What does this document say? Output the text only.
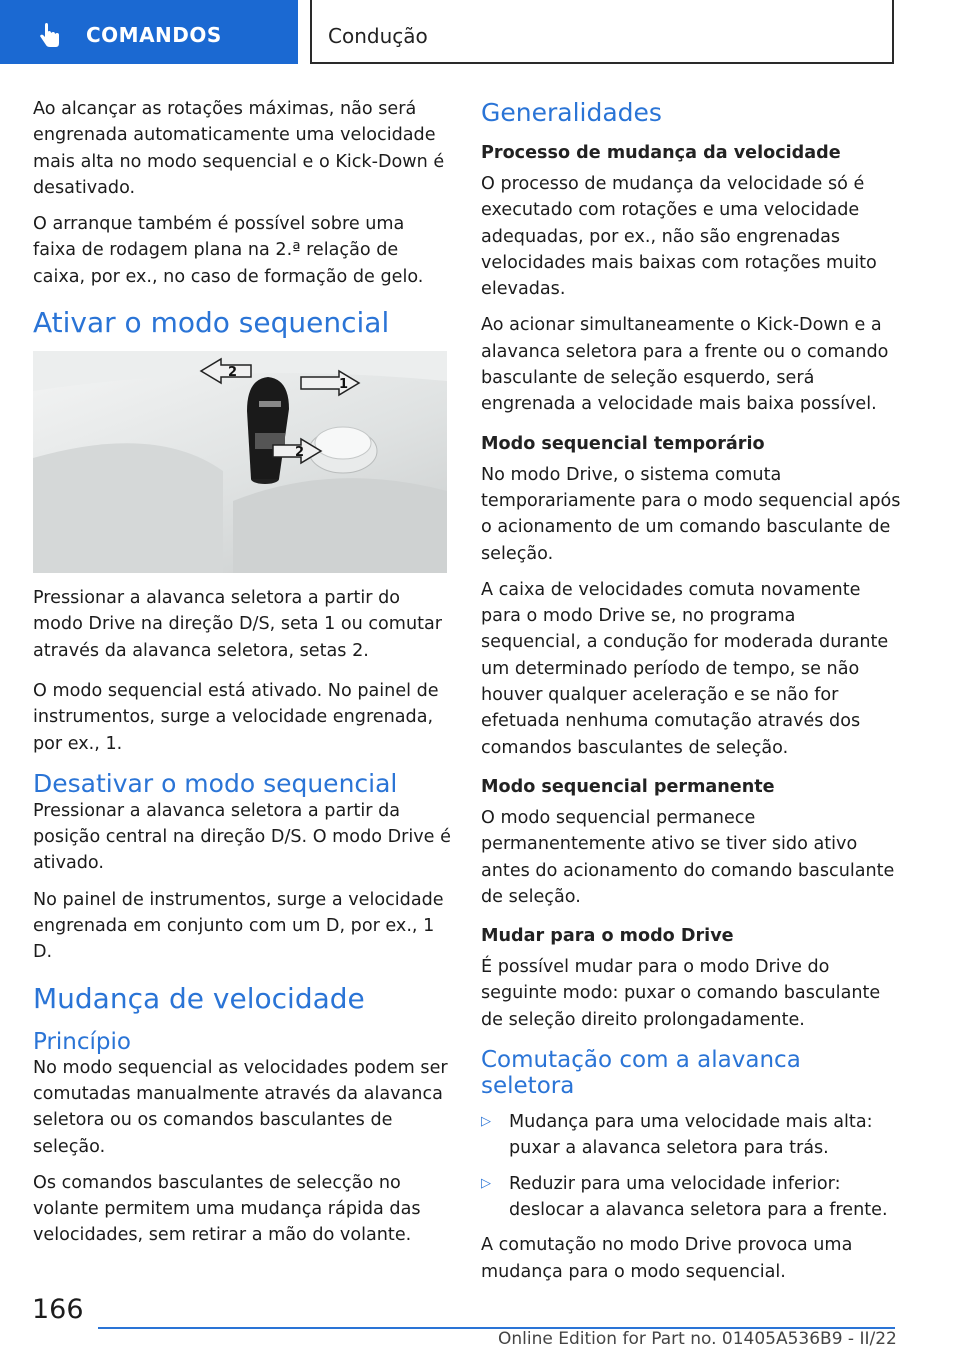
COMANDOS	Condução

Ao alcançar as rotações máximas, não será engrenada automaticamente uma velocidade mais alta no modo sequencial e o Kick-Down é desativado.

O arranque também é possível sobre uma faixa de rodagem plana na 2.ª relação de caixa, por ex., no caso de formação de gelo.

Ativar o modo sequencial
2
1
2

Pressionar a alavanca seletora a partir do modo Drive na direção D/S, seta 1 ou comutar através da alavanca seletora, setas 2.

O modo sequencial está ativado. No painel de instrumentos, surge a velocidade engrenada, por ex., 1.

Desativar o modo sequencial

Pressionar a alavanca seletora a partir da posição central na direção D/S. O modo Drive é ativado.

No painel de instrumentos, surge a velocidade engrenada em conjunto com um D, por ex., 1 D.

Mudança de velocidade
Princípio

No modo sequencial as velocidades podem ser comutadas manualmente através da alavanca seletora ou os comandos basculantes de seleção.

Os comandos basculantes de selecção no volante permitem uma mudança rápida das velocidades, sem retirar a mão do volante.

Generalidades
Processo de mudança da velocidade

O processo de mudança da velocidade só é executado com rotações e uma velocidade adequadas, por ex., não são engrenadas velocidades mais baixas com rotações muito elevadas.

Ao acionar simultaneamente o Kick-Down e a alavanca seletora para a frente ou o comando basculante de seleção esquerdo, será engrenada a velocidade mais baixa possível.

Modo sequencial temporário

No modo Drive, o sistema comuta temporariamente para o modo sequencial após o acionamento de um comando basculante de seleção.

A caixa de velocidades comuta novamente para o modo Drive se, no programa sequencial, a condução for moderada durante um determinado período de tempo, se não houver qualquer aceleração e se não for efetuada nenhuma comutação através dos comandos basculantes de seleção.

Modo sequencial permanente

O modo sequencial permanece permanentemente ativo se tiver sido ativo antes do acionamento do comando basculante de seleção.

Mudar para o modo Drive

É possível mudar para o modo Drive do seguinte modo: puxar o comando basculante de seleção direito prolongadamente.

Comutação com a alavanca seletora
▷ Mudança para uma velocidade mais alta: puxar a alavanca seletora para trás.
▷ Reduzir para uma velocidade inferior: deslocar a alavanca seletora para a frente.

A comutação no modo Drive provoca uma mudança para o modo sequencial.

166
Online Edition for Part no. 01405A536B9 - II/22
